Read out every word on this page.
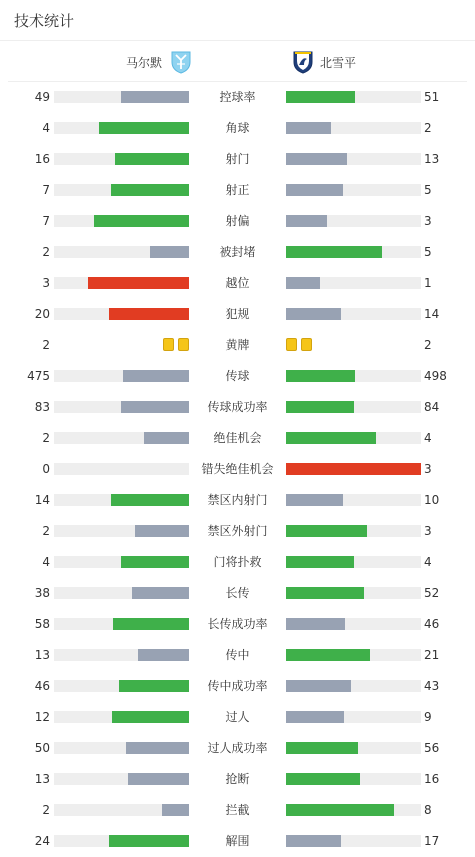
技术统计
马尔默	北雪平
49	控球率	51
4	角球	2
16	射门	13
7	射正	5
7	射偏	3
2	被封堵	5
3	越位	1
20	犯规	14
2	黄牌	2
475	传球	498
83	传球成功率	84
2	绝佳机会	4
0	错失绝佳机会	3
14	禁区内射门	10
2	禁区外射门	3
4	门将扑救	4
38	长传	52
58	长传成功率	46
13	传中	21
46	传中成功率	43
12	过人	9
50	过人成功率	56
13	抢断	16
2	拦截	8
24	解围	17
